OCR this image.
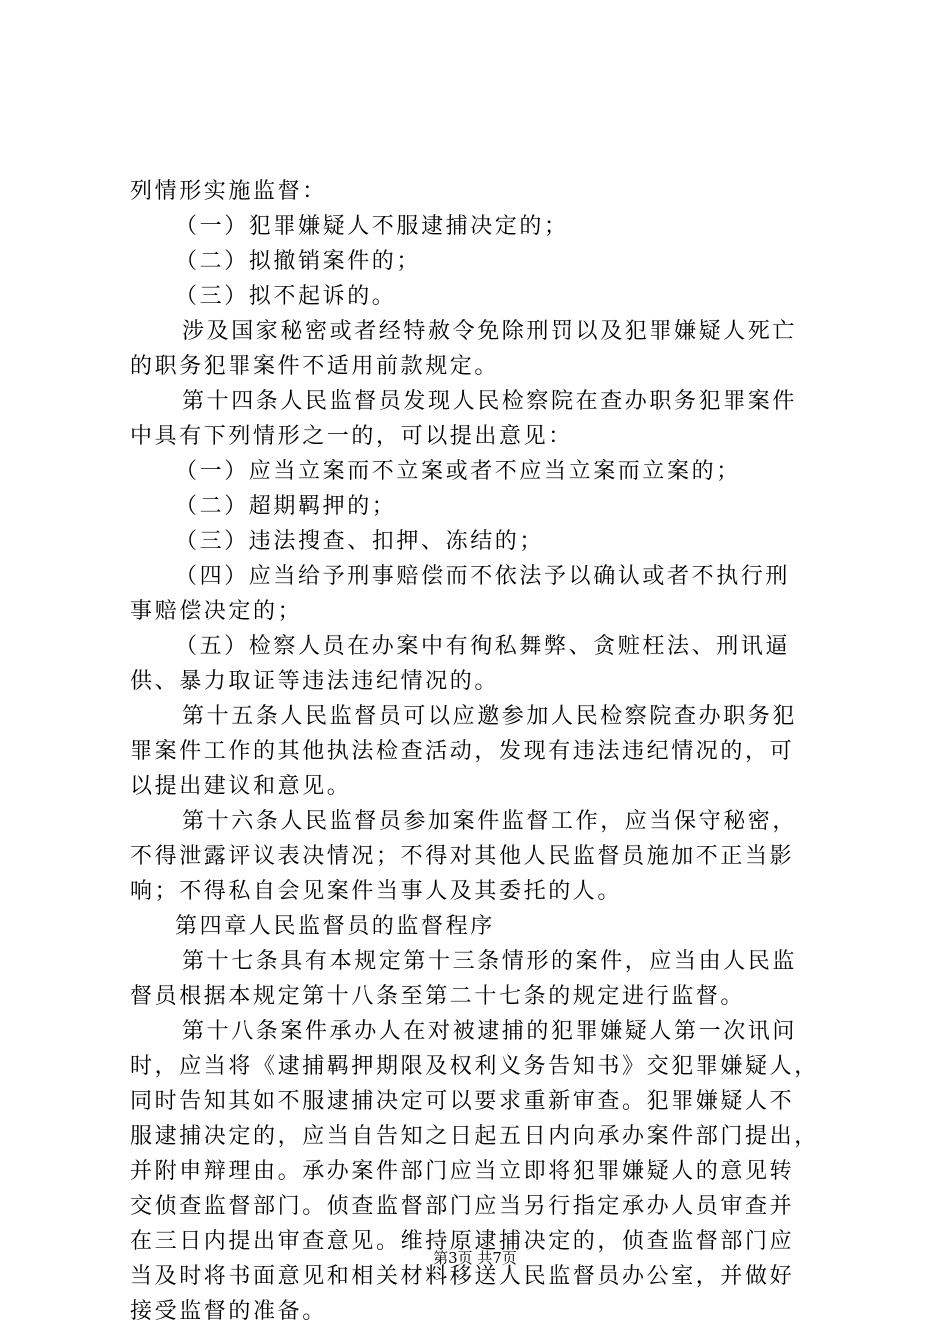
列情形实施监督：
（一）犯罪嫌疑人不服逮捕决定的；
（二）拟撤销案件的；
（三）拟不起诉的。
涉及国家秘密或者经特赦令免除刑罚以及犯罪嫌疑人死亡
的职务犯罪案件不适用前款规定。
第十四条人民监督员发现人民检察院在查办职务犯罪案件
中具有下列情形之一的，可以提出意见：
（一）应当立案而不立案或者不应当立案而立案的；
（二）超期羁押的；
（三）违法搜查、扣押、冻结的；
（四）应当给予刑事赔偿而不依法予以确认或者不执行刑
事赔偿决定的；
（五）检察人员在办案中有徇私舞弊、贪赃枉法、刑讯逼
供、暴力取证等违法违纪情况的。
第十五条人民监督员可以应邀参加人民检察院查办职务犯
罪案件工作的其他执法检查活动，发现有违法违纪情况的，可
以提出建议和意见。
第十六条人民监督员参加案件监督工作，应当保守秘密，
不得泄露评议表决情况；不得对其他人民监督员施加不正当影
响；不得私自会见案件当事人及其委托的人。
第四章人民监督员的监督程序
第十七条具有本规定第十三条情形的案件，应当由人民监
督员根据本规定第十八条至第二十七条的规定进行监督。
第十八条案件承办人在对被逮捕的犯罪嫌疑人第一次讯问
时，应当将《逮捕羁押期限及权利义务告知书》交犯罪嫌疑人，
同时告知其如不服逮捕决定可以要求重新审查。犯罪嫌疑人不
服逮捕决定的，应当自告知之日起五日内向承办案件部门提出，
并附申辩理由。承办案件部门应当立即将犯罪嫌疑人的意见转
交侦查监督部门。侦查监督部门应当另行指定承办人员审查并
在三日内提出审查意见。维持原逮捕决定的，侦查监督部门应
当及时将书面意见和相关材料移送人民监督员办公室，并做好
接受监督的准备。
第3页 共7页
